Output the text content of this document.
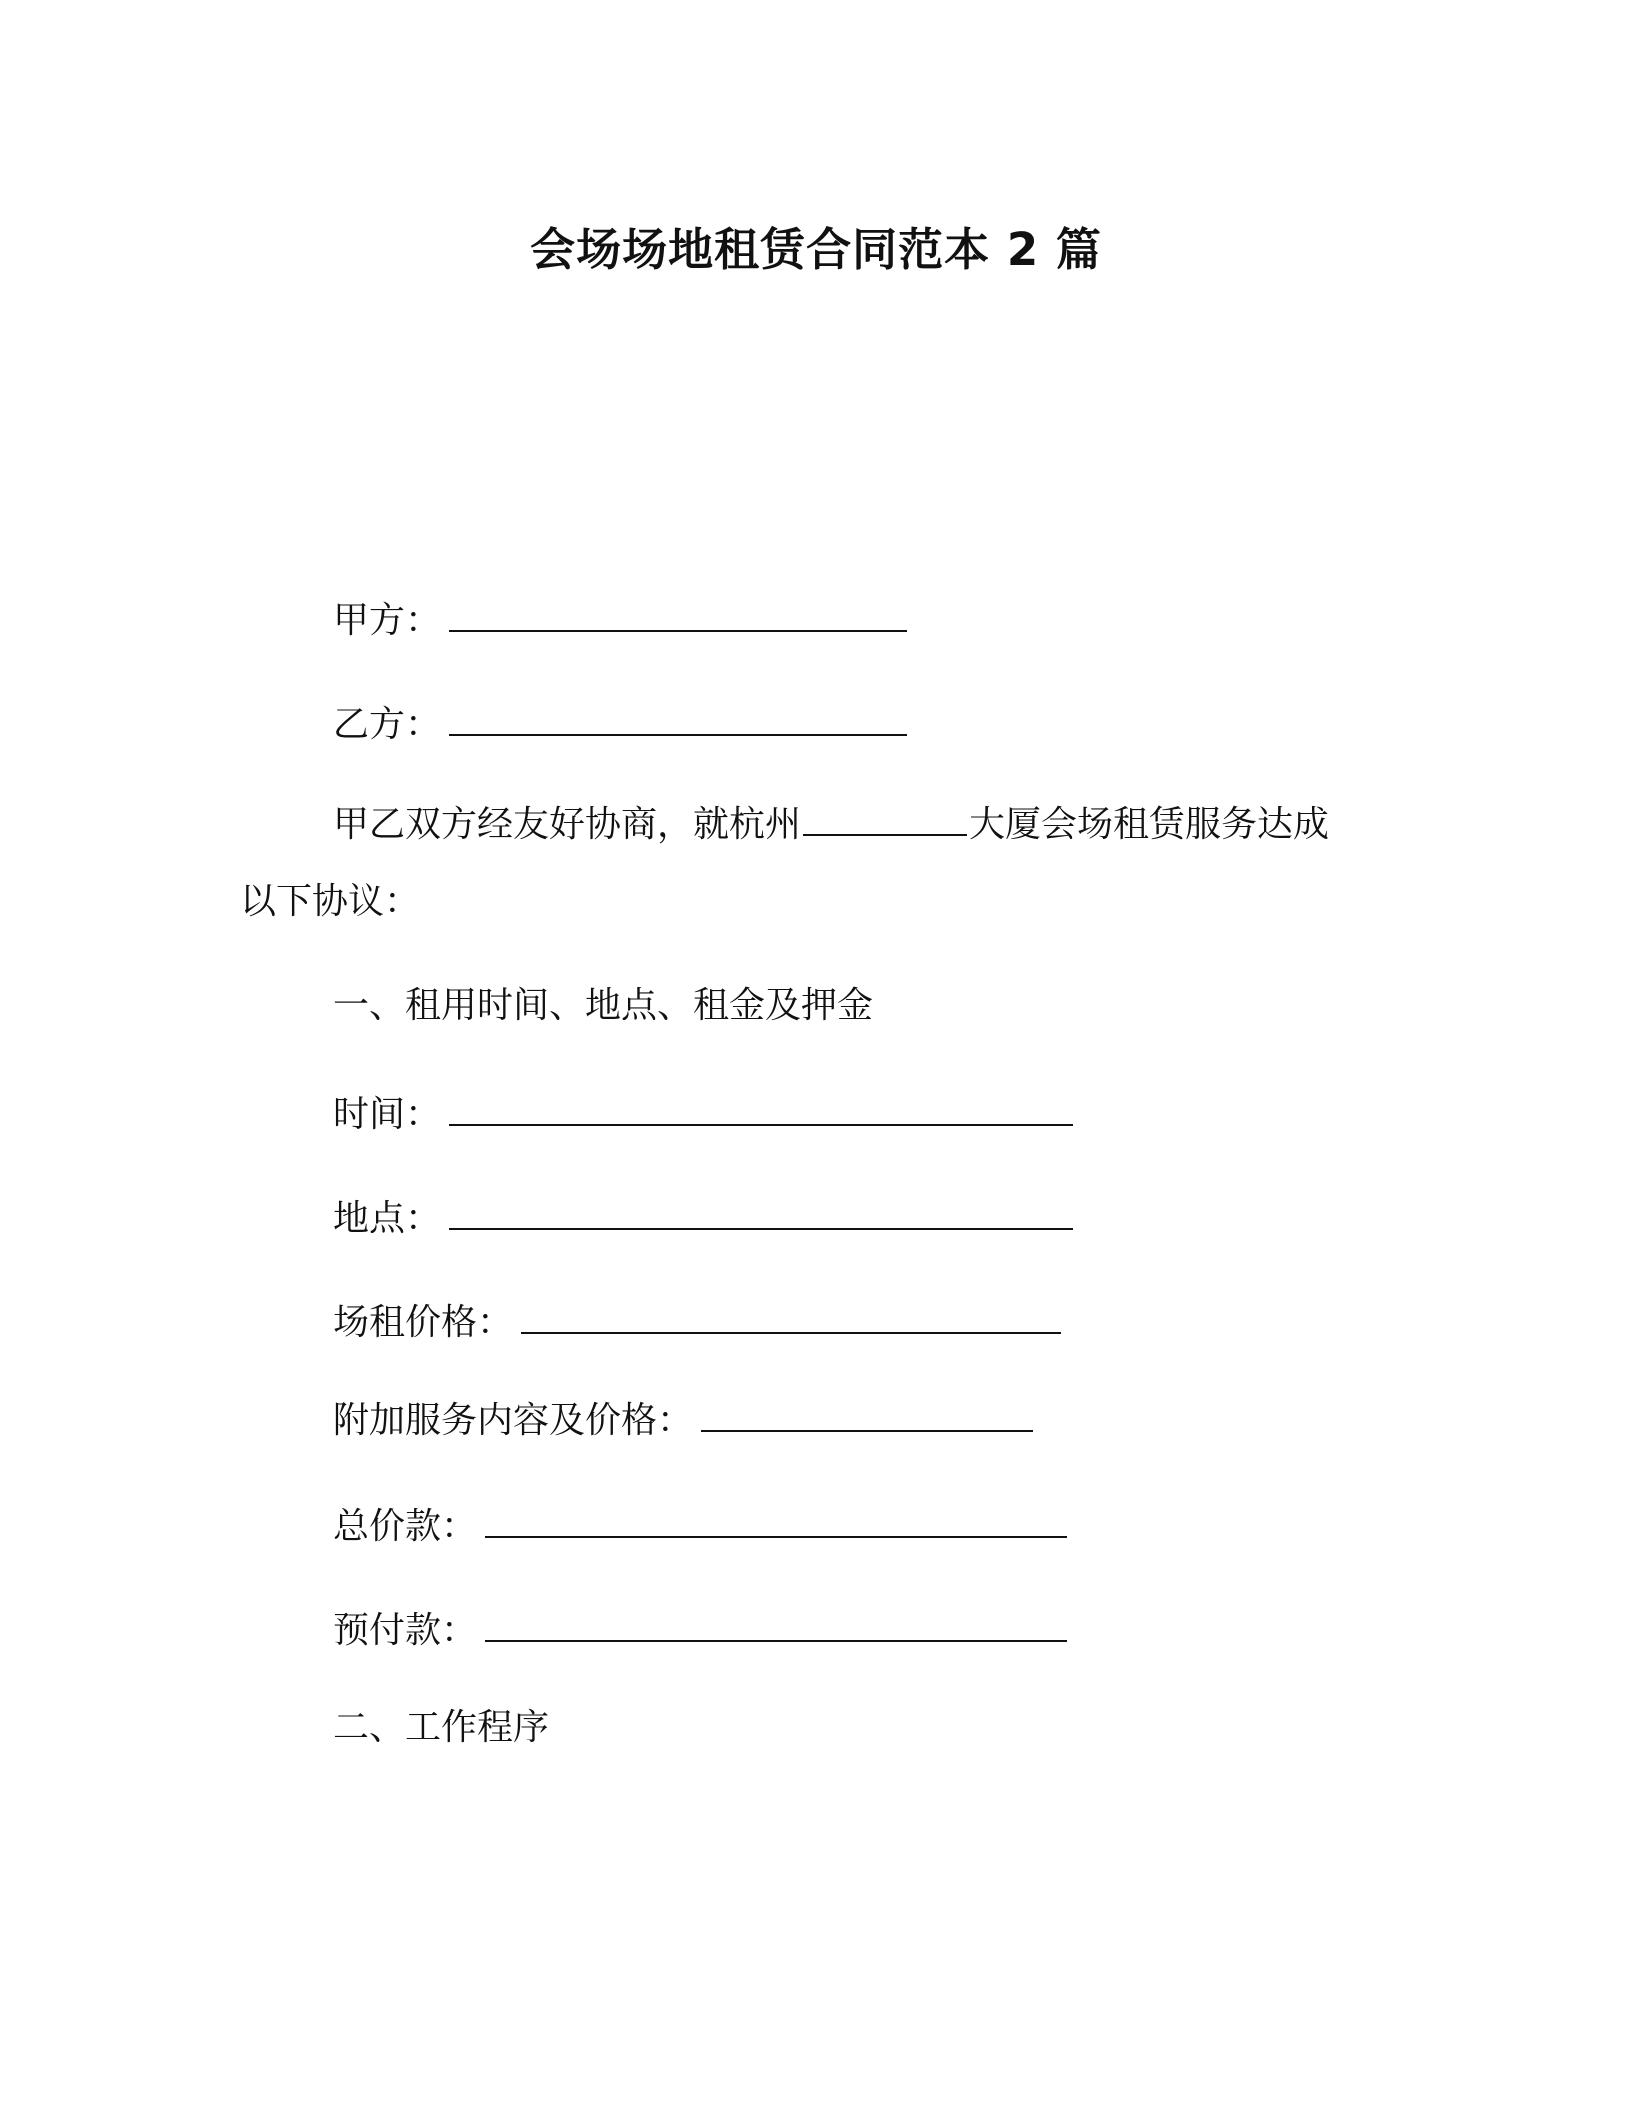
会场场地租赁合同范本 2 篇

甲方：

乙方：

甲乙双方经友好协商，就杭州	大厦会场租赁服务达成

以下协议：

一、租用时间、地点、租金及押金

时间：

地点：

场租价格：

附加服务内容及价格：

总价款：

预付款：

二、工作程序
